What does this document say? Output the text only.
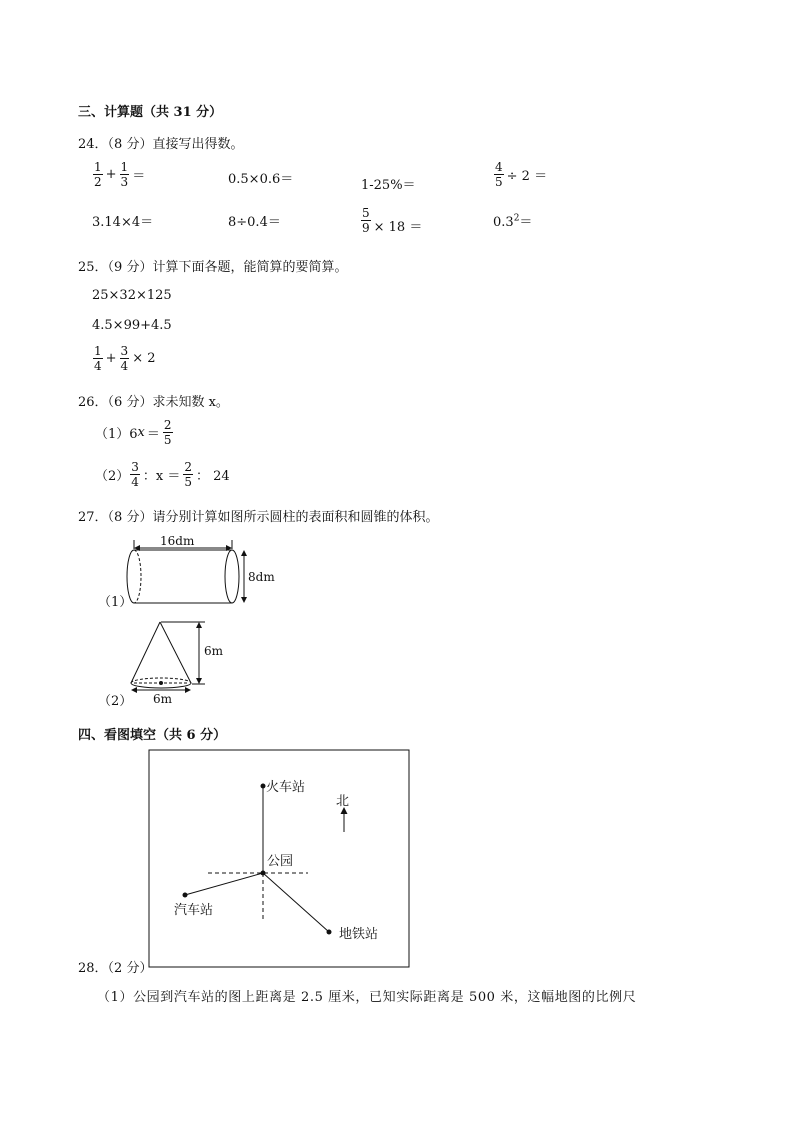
三、计算题（共 31 分）
24．（8 分）直接写出得数。
$\frac{1}{2} + \frac{1}{3}$ ＝	0.5×0.6＝	1-25%＝	$\frac{4}{5} \div 2$ ＝
3.14×4＝	8÷0.4＝	$\frac{5}{9} \times 18$ ＝	$0.3^2=$
25．（9 分）计算下面各题，能简算的要简算。
25×32×125
4.5×99+4.5
$\frac{1}{4} + \frac{3}{4} \times 2$
26．（6 分）求未知数 x。
（1）6 $x = \frac{2}{5}$
$(2) \frac{3}{4}$ ：$x = \frac{2}{5}$ ： 24
27．（8 分）请分别计算如图所示圆柱的表面积和圆锥的体积。
（1）
16dm
8dm
（2）
6m
6m
四、看图填空（共 6 分）
火车站
公园
汽车站
地铁站
北
28．（2 分）
（1）公园到汽车站的图上距离是 2.5 厘米，已知实际距离是 500 米，这幅地图的比例尺
